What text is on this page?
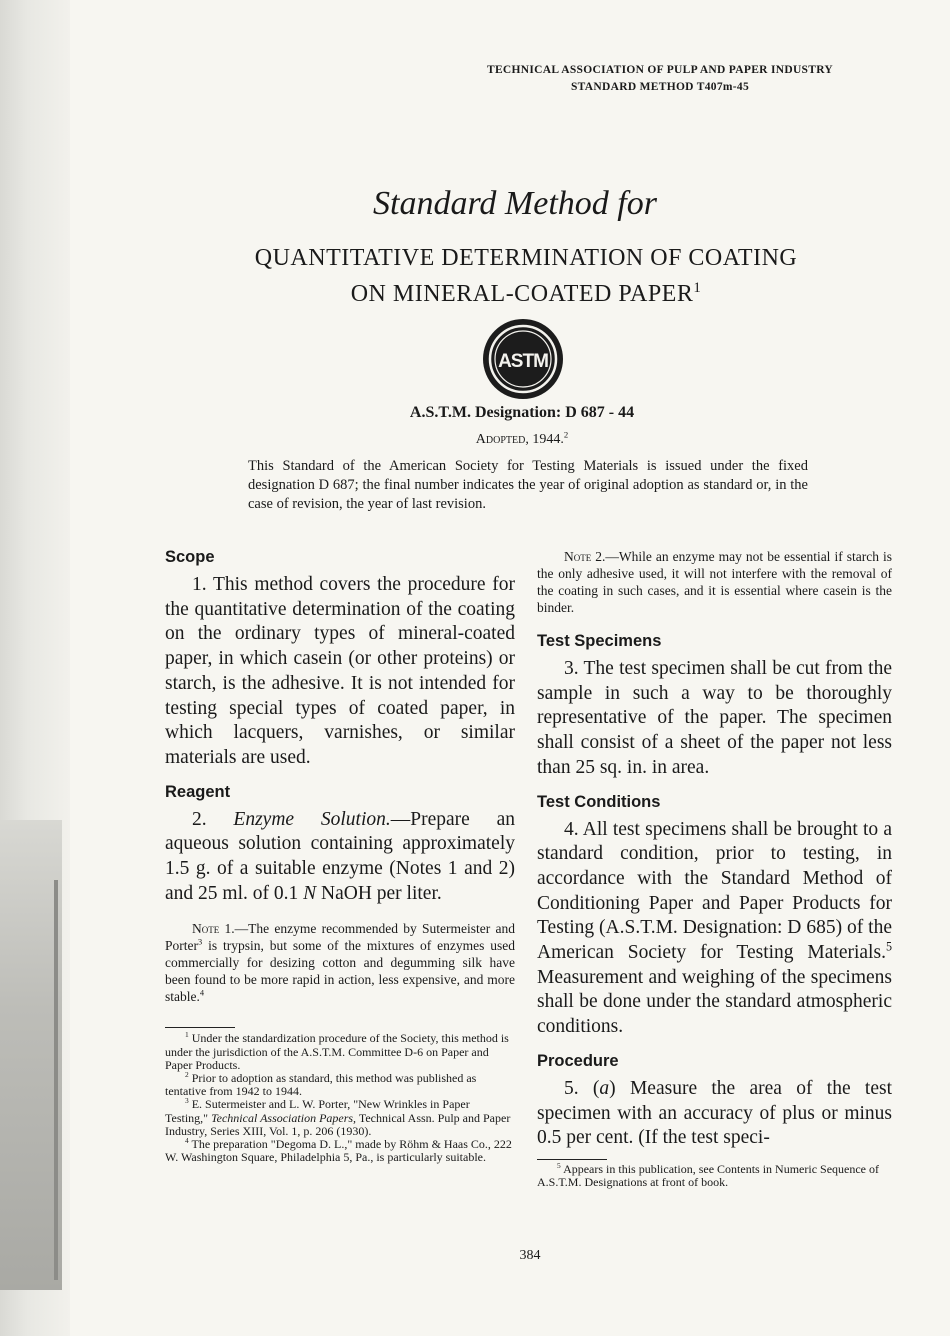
TECHNICAL ASSOCIATION OF PULP AND PAPER INDUSTRY
STANDARD METHOD T407m-45
Standard Method for
QUANTITATIVE DETERMINATION OF COATING
ON MINERAL-COATED PAPER$^1$
ASTM
A.S.T.M. Designation: D 687 - 44
Adopted, 1944.$^2$
This Standard of the American Society for Testing Materials is issued under the fixed designation D 687; the final number indicates the year of original adoption as standard or, in the case of revision, the year of last revision.
Scope

1. This method covers the procedure for the quantitative determination of the coating on the ordinary types of mineral-coated paper, in which casein (or other proteins) or starch, is the adhesive. It is not intended for testing special types of coated paper, in which lacquers, varnishes, or similar materials are used.

Reagent

2. Enzyme Solution.—Prepare an aqueous solution containing approximately 1.5 g. of a suitable enzyme (Notes 1 and 2) and 25 ml. of 0.1 N NaOH per liter.

Note 1.—The enzyme recommended by Sutermeister and Porter$^3$ is trypsin, but some of the mixtures of enzymes used commercially for desizing cotton and degumming silk have been found to be more rapid in action, less expensive, and more stable.$^4$

$^1$ Under the standardization procedure of the Society, this method is under the jurisdiction of the A.S.T.M. Committee D-6 on Paper and Paper Products.

$^2$ Prior to adoption as standard, this method was published as tentative from 1942 to 1944.

$^3$ E. Sutermeister and L. W. Porter, "New Wrinkles in Paper Testing," Technical Association Papers, Technical Assn. Pulp and Paper Industry, Series XIII, Vol. 1, p. 206 (1930).

$^4$ The preparation "Degoma D. L.," made by Röhm & Haas Co., 222 W. Washington Square, Philadelphia 5, Pa., is particularly suitable.

Note 2.—While an enzyme may not be essential if starch is the only adhesive used, it will not interfere with the removal of the coating in such cases, and it is essential where casein is the binder.

Test Specimens

3. The test specimen shall be cut from the sample in such a way to be thoroughly representative of the paper. The specimen shall consist of a sheet of the paper not less than 25 sq. in. in area.

Test Conditions

4. All test specimens shall be brought to a standard condition, prior to testing, in accordance with the Standard Method of Conditioning Paper and Paper Products for Testing (A.S.T.M. Designation: D 685) of the American Society for Testing Materials.$^5$ Measurement and weighing of the specimens shall be done under the standard atmospheric conditions.

Procedure

5. (a) Measure the area of the test specimen with an accuracy of plus or minus 0.5 per cent. (If the test speci-

$^5$ Appears in this publication, see Contents in Numeric Sequence of A.S.T.M. Designations at front of book.

384
